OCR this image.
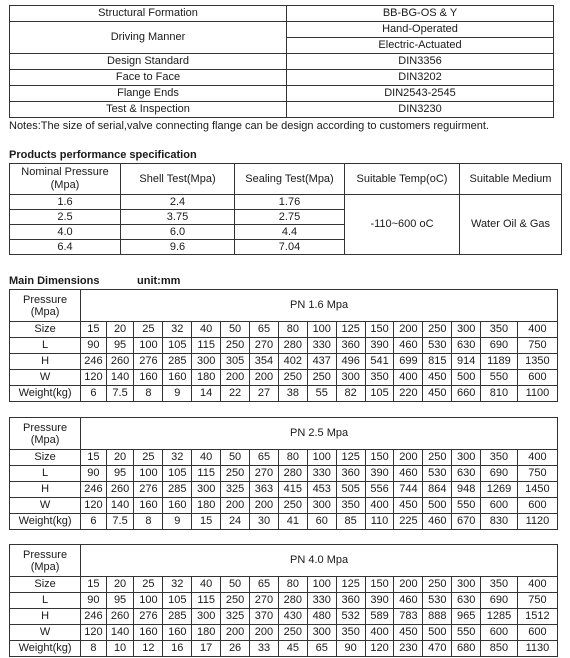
Structural Formation	BB-BG-OS & Y
Driving Manner	Hand-Operated
	Electric-Actuated
Design Standard	DIN3356
Face to Face	DIN3202
Flange Ends	DIN2543-2545
Test & Inspection	DIN3230
Notes:The size of serial,valve connecting flange can be design according to customers reguirment.
Products performance specification
Nominal Pressure (Mpa)	Shell Test(Mpa)	Sealing Test(Mpa)	Suitable Temp(oC)	Suitable Medium
1.6	2.4	1.76	-110~600 oC	Water Oil & Gas
2.5	3.75	2.75		
4.0	6.0	4.4		
6.4	9.6	7.04		
Main Dimensions	unit:mm
Pressure (Mpa)	PN 1.6 Mpa															
Size	15	20	25	32	40	50	65	80	100	125	150	200	250	300	350	400
L	90	95	100	105	115	250	270	280	330	360	390	460	530	630	690	750
H	246	260	276	285	300	305	354	402	437	496	541	699	815	914	1189	1350
W	120	140	160	160	180	200	200	250	250	300	350	400	450	500	550	600
Weight(kg)	6	7.5	8	9	14	22	27	38	55	82	105	220	450	660	810	1100
Pressure (Mpa)	PN 2.5 Mpa															
Size	15	20	25	32	40	50	65	80	100	125	150	200	250	300	350	400
L	90	95	100	105	115	250	270	280	330	360	390	460	530	630	690	750
H	246	260	276	285	300	325	363	415	453	505	556	744	864	948	1269	1450
W	120	140	160	160	180	200	200	250	300	350	400	450	500	550	600	600
Weight(kg)	6	7.5	8	9	15	24	30	41	60	85	110	225	460	670	830	1120
Pressure (Mpa)	PN 4.0 Mpa															
Size	15	20	25	32	40	50	65	80	100	125	150	200	250	300	350	400
L	90	95	100	105	115	250	270	280	330	360	390	460	530	630	690	750
H	246	260	276	285	300	325	370	430	480	532	589	783	888	965	1285	1512
W	120	140	160	160	180	200	200	250	300	350	400	450	500	550	600	600
Weight(kg)	8	10	12	16	17	26	33	45	65	90	120	230	470	680	850	1130
